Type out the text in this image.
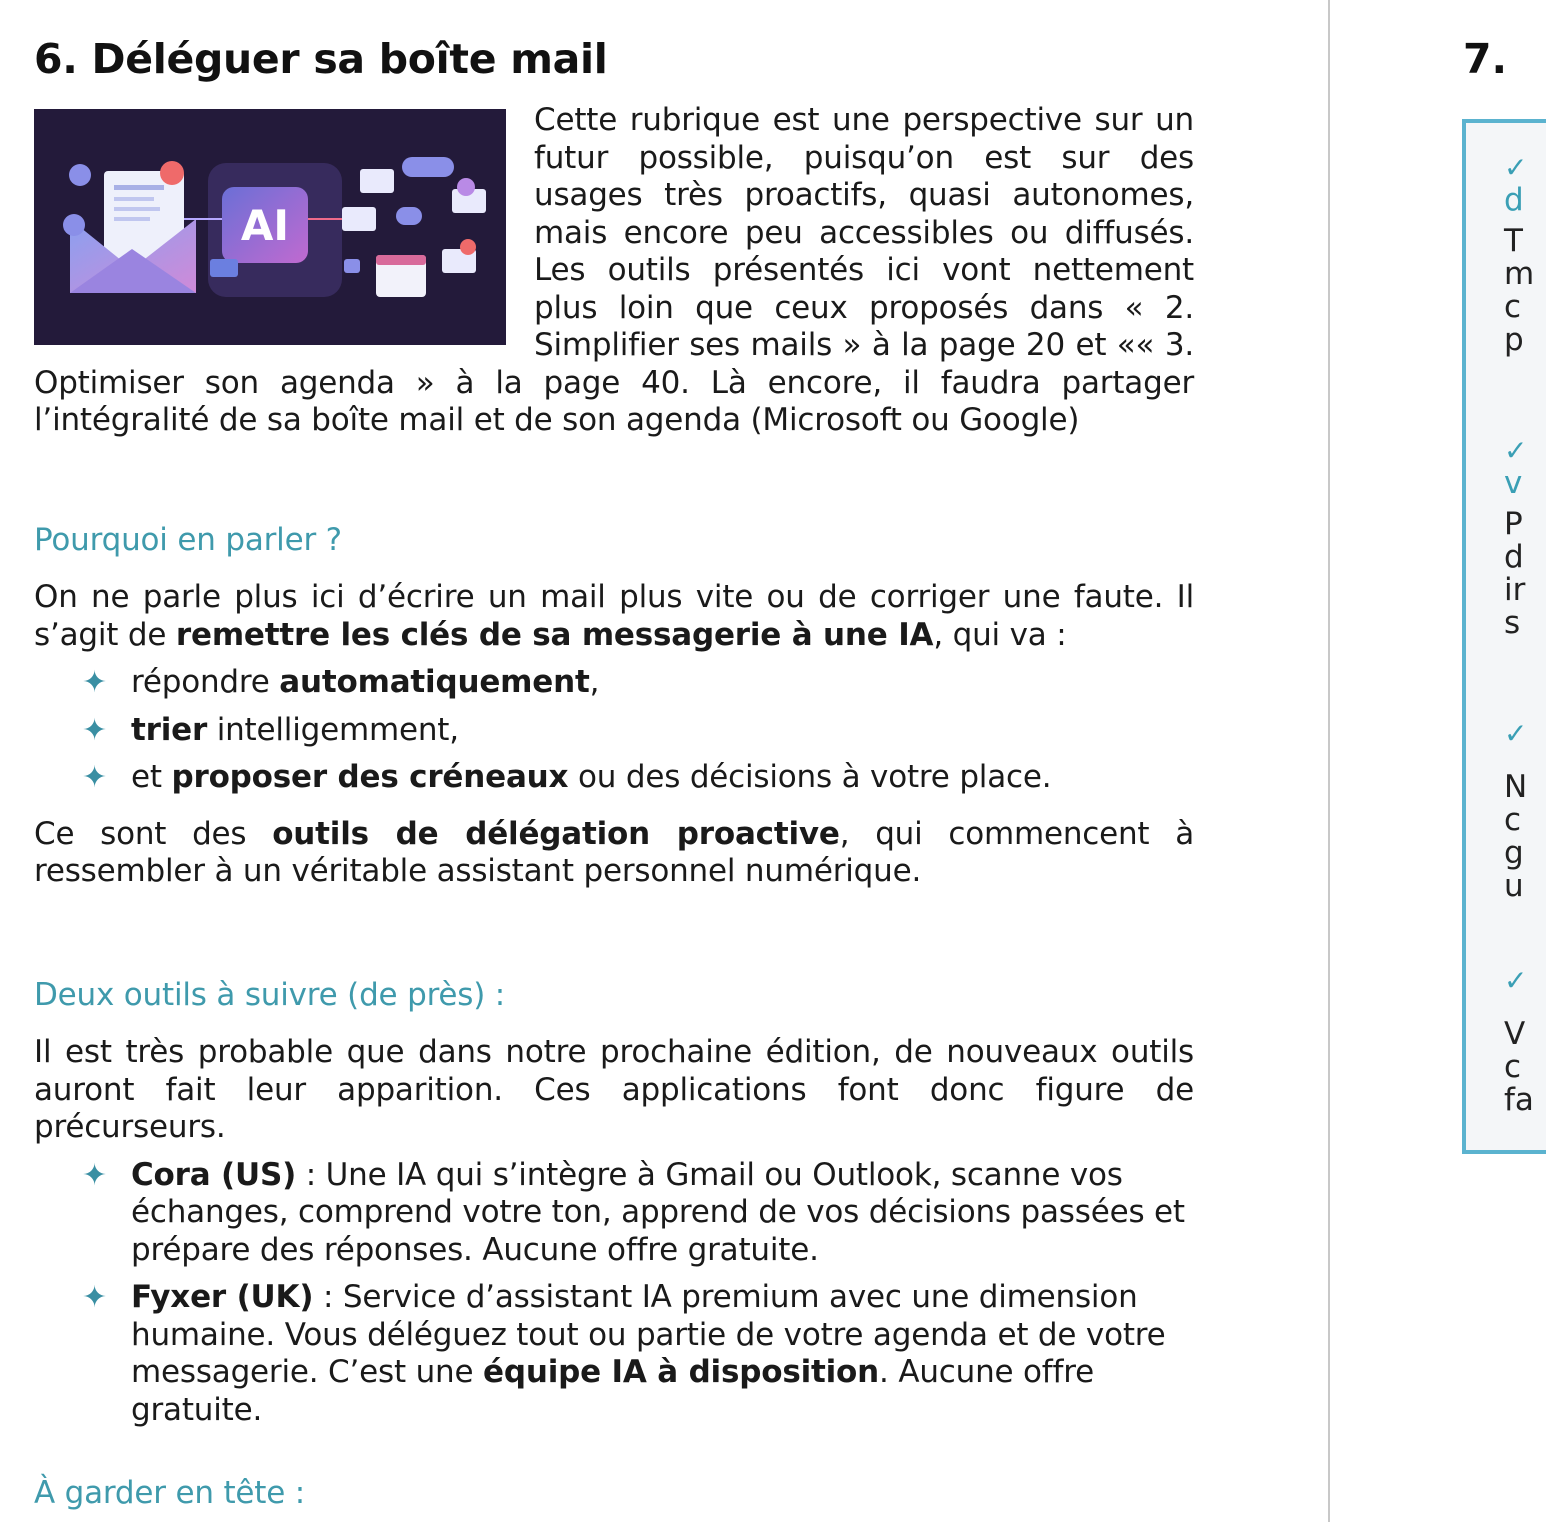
6. Déléguer sa boîte mail
AI

Cette rubrique est une perspective sur un futur possible, puisqu’on est sur des usages très proactifs, quasi autonomes, mais encore peu accessibles ou diffusés. Les outils présentés ici vont nettement plus loin que ceux proposés dans « 2. Simplifier ses mails » à la page 20 et «« 3. Optimiser son agenda » à la page 40. Là encore, il faudra partager l’intégralité de sa boîte mail et de son agenda (Microsoft ou Google)

Pourquoi en parler ?

On ne parle plus ici d’écrire un mail plus vite ou de corriger une faute. Il s’agit de remettre les clés de sa messagerie à une IA, qui va :

✦ répondre automatiquement,
✦ trier intelligemment,
✦ et proposer des créneaux ou des décisions à votre place.

Ce sont des outils de délégation proactive, qui commencent à ressembler à un véritable assistant personnel numérique.

Deux outils à suivre (de près) :

Il est très probable que dans notre prochaine édition, de nouveaux outils auront fait leur apparition. Ces applications font donc figure de précurseurs.

✦ Cora (US) : Une IA qui s’intègre à Gmail ou Outlook, scanne vos échanges, comprend votre ton, apprend de vos décisions passées et prépare des réponses. Aucune offre gratuite.
✦ Fyxer (UK) : Service d’assistant IA premium avec une dimension humaine. Vous déléguez tout ou partie de votre agenda et de votre messagerie. C’est une équipe IA à disposition. Aucune offre gratuite.
À garder en tête :
7.
✓
d
T
m
c
p
✓
v
P
d
ir
s
✓
N
c
g
u
✓
V
c
fa
